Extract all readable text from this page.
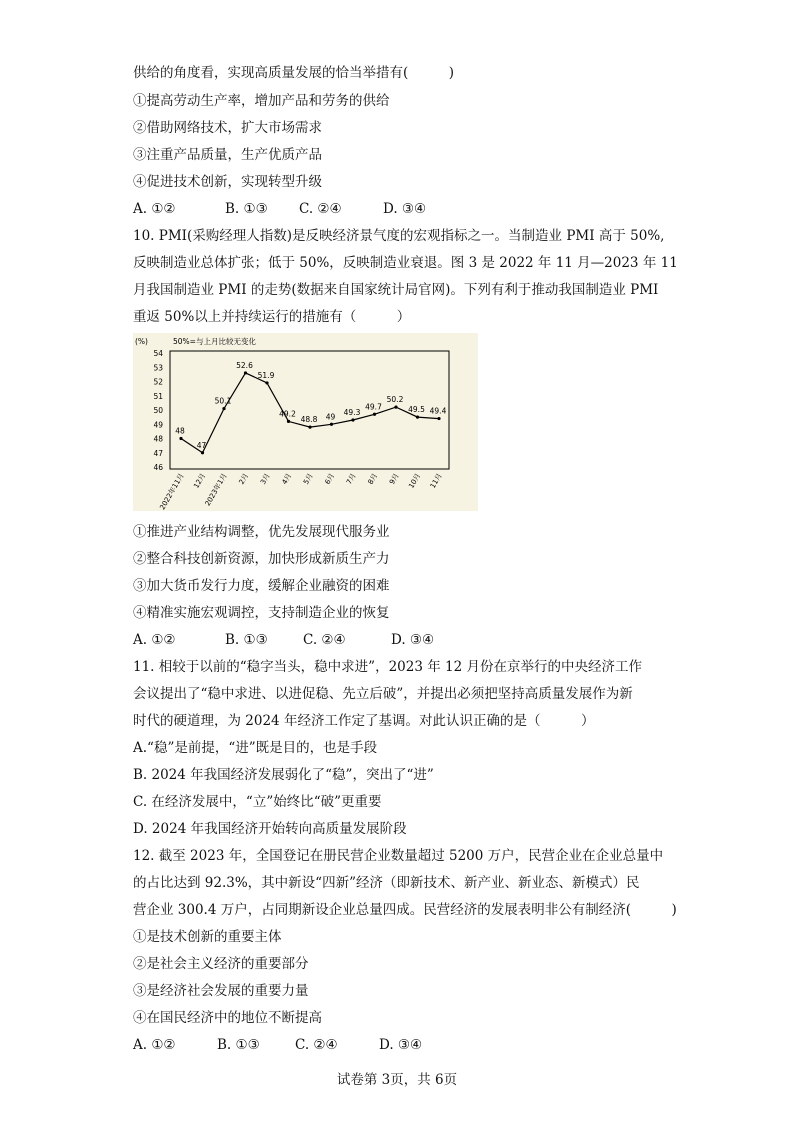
供给的角度看，实现高质量发展的恰当举措有(　　　)
①提高劳动生产率，增加产品和劳务的供给
②借助网络技术，扩大市场需求
③注重产品质量，生产优质产品
④促进技术创新，实现转型升级
A. ①②	B. ①③ C. ②④	D. ③④
10. PMI(采购经理人指数)是反映经济景气度的宏观指标之一。当制造业 PMI 高于 50%,
反映制造业总体扩张；低于 50%，反映制造业衰退。图 3 是 2022 年 11 月—2023 年 11
月我国制造业 PMI 的走势(数据来自国家统计局官网)。下列有利于推动我国制造业 PMI
重返 50%以上并持续运行的措施有（　　　）
(%)	50%=与上月比较无变化
54
53
52
51
50
49
48
47
46
2022年11月 12月
2023年1月 2月 3月 4月 5月 6月 7月 8月 9月 10月 11月
48
47
50.1
52.6
51.9
49.2
48.8 49 49.3
49.7
50.2
49.5 49.4
①推进产业结构调整，优先发展现代服务业
②整合科技创新资源，加快形成新质生产力
③加大货币发行力度，缓解企业融资的困难
④精准实施宏观调控，支持制造企业的恢复
A. ①②	B. ①③	C. ②④	D. ③④
11. 相较于以前的“稳字当头，稳中求进”，2023 年 12 月份在京举行的中央经济工作
会议提出了“稳中求进、以进促稳、先立后破”，并提出必须把坚持高质量发展作为新
时代的硬道理，为 2024 年经济工作定了基调。对此认识正确的是（　　　）
A.“稳”是前提，“进”既是目的，也是手段
B. 2024 年我国经济发展弱化了“稳”，突出了“进”
C. 在经济发展中，“立”始终比“破”更重要
D. 2024 年我国经济开始转向高质量发展阶段
12. 截至 2023 年，全国登记在册民营企业数量超过 5200 万户，民营企业在企业总量中
的占比达到 92.3%，其中新设“四新”经济（即新技术、新产业、新业态、新模式）民
营企业 300.4 万户，占同期新设企业总量四成。民营经济的发展表明非公有制经济(　　　)
①是技术创新的重要主体
②是社会主义经济的重要部分
③是经济社会发展的重要力量
④在国民经济中的地位不断提高
A. ①②	B. ①③	C. ②④	D. ③④
试卷第 3页，共 6页
